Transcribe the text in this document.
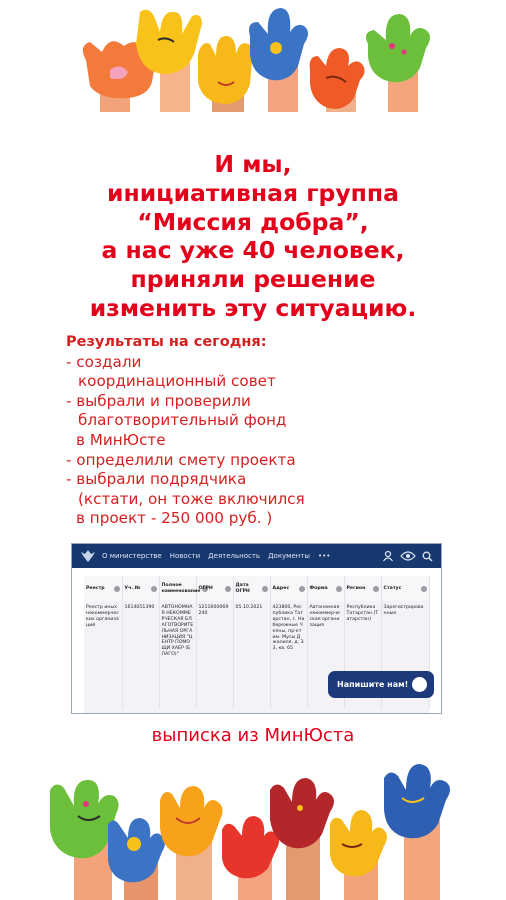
И мы,
инициативная группа
“Миссия добра”,
а нас уже 40 человек,
приняли решение
изменить эту ситуацию.
Результаты на сегодня:
- создали
координационный совет
- выбрали и проверили
благотворительный фонд
в МинЮсте
- определили смету проекта
- выбрали подрядчика
(кстати, он тоже включился
в проект - 250 000 руб. )
О министерстве Новости Деятельность Документы •••
Реестр	Уч. №	Полное наименование	ОГРН	Дата ОГРН	Адрес	Форма	Регион	Статус

Реестр иных некоммерческих организаций	1614051390	АВТОНОМНАЯ НЕКОММЕРЧЕСКАЯ БЛАГОТВОРИТЕЛЬНАЯ ОРГАНИЗАЦИЯ "ЦЕНТР ПОМОЩИ ХАЕР (БЛАГО)"	1211600069240	05.10.2021	423800, Республика Татарстан, г. Набережные Челны, пр-кт им. Мусы Джалиля, д. 33, кв. 65	Автономная некоммерческая организация	Республика Татарстан (Татарстан)	Зарегистрированные
Напишите нам!
выписка из МинЮста
